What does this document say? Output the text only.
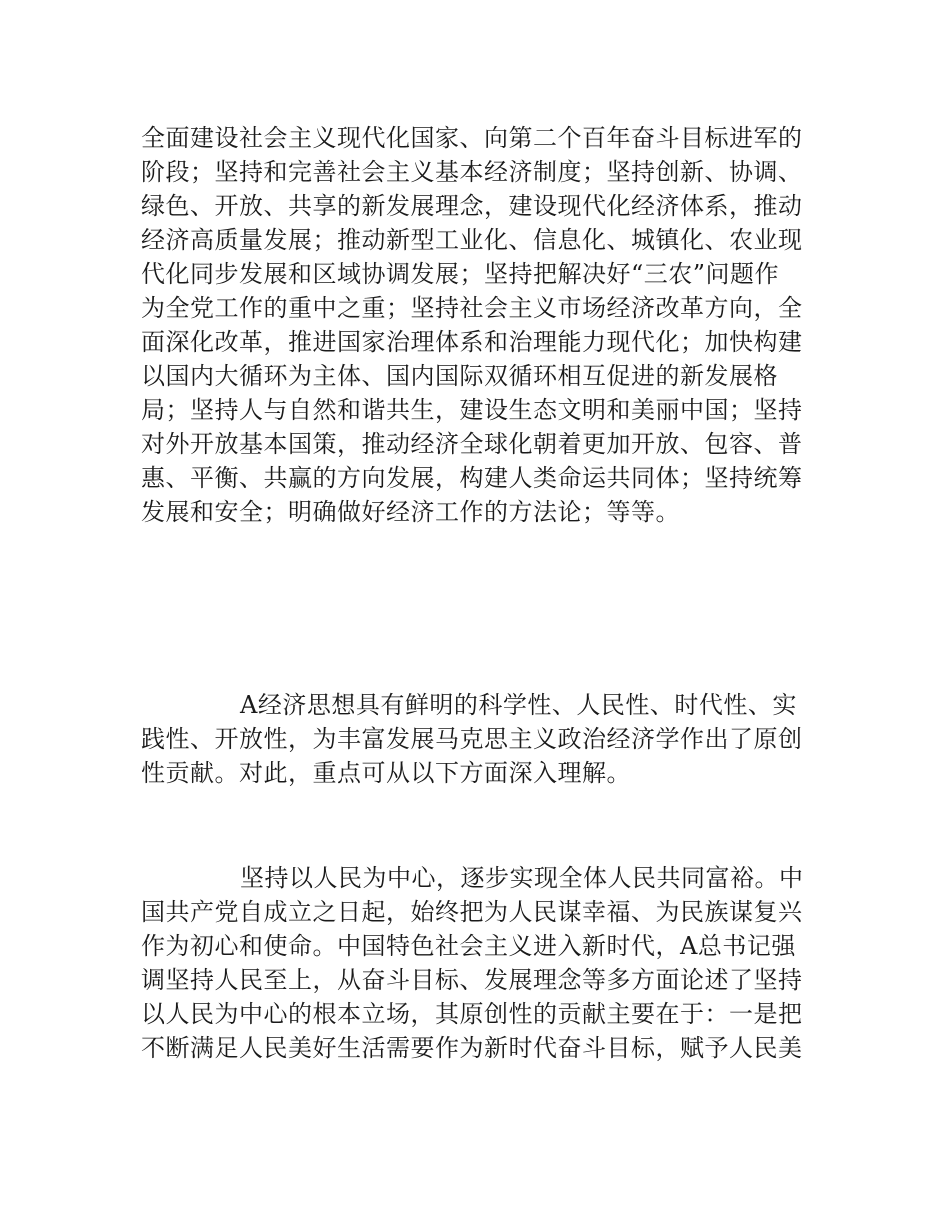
全面建设社会主义现代化国家、向第二个百年奋斗目标进军的
阶段；坚持和完善社会主义基本经济制度；坚持创新、协调、
绿色、开放、共享的新发展理念，建设现代化经济体系，推动
经济高质量发展；推动新型工业化、信息化、城镇化、农业现
代化同步发展和区域协调发展；坚持把解决好“三农”问题作
为全党工作的重中之重；坚持社会主义市场经济改革方向，全
面深化改革，推进国家治理体系和治理能力现代化；加快构建
以国内大循环为主体、国内国际双循环相互促进的新发展格
局；坚持人与自然和谐共生，建设生态文明和美丽中国；坚持
对外开放基本国策，推动经济全球化朝着更加开放、包容、普
惠、平衡、共赢的方向发展，构建人类命运共同体；坚持统筹
发展和安全；明确做好经济工作的方法论；等等。
A经济思想具有鲜明的科学性、人民性、时代性、实
践性、开放性，为丰富发展马克思主义政治经济学作出了原创
性贡献。对此，重点可从以下方面深入理解。
坚持以人民为中心，逐步实现全体人民共同富裕。中
国共产党自成立之日起，始终把为人民谋幸福、为民族谋复兴
作为初心和使命。中国特色社会主义进入新时代，A总书记强
调坚持人民至上，从奋斗目标、发展理念等多方面论述了坚持
以人民为中心的根本立场，其原创性的贡献主要在于：一是把
不断满足人民美好生活需要作为新时代奋斗目标，赋予人民美
